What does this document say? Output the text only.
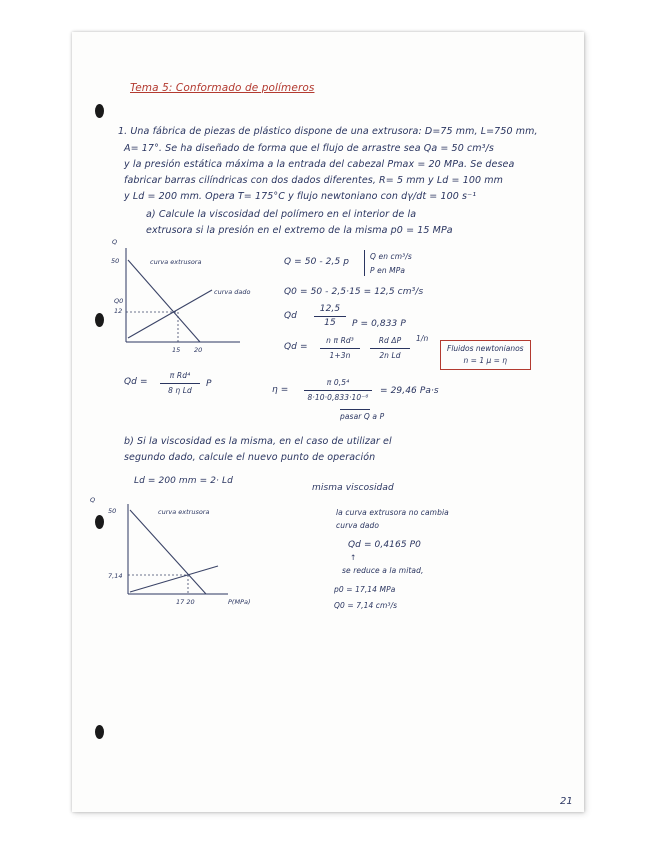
Tema 5: Conformado de polímeros
1. Una fábrica de piezas de plástico dispone de una extrusora: D=75 mm, L=750 mm,
A= 17°. Se ha diseñado de forma que el flujo de arrastre sea Qa = 50 cm³/s
y la presión estática máxima a la entrada del cabezal Pmax = 20 MPa. Se desea
fabricar barras cilíndricas con dos dados diferentes, R= 5 mm y Ld = 100 mm
y Ld = 200 mm. Opera T= 175°C y flujo newtoniano con dγ/dt = 100 s⁻¹
a) Calcule la viscosidad del polímero en el interior de la
extrusora si la presión en el extremo de la misma p0 = 15 MPa
Q
50
Q0
12
15 20
curva extrusora
curva dado
Q = 50 - 2,5 p
Q en cm³/s
P en MPa
Q0 = 50 - 2,5·15 = 12,5 cm³/s
Qd
12,5
15	P = 0,833 P
Qd =
n π Rd³
1+3n
Rd ΔP
2n Ld
1/n
Fluidos newtonianos
n = 1 μ = η
Qd =
π Rd⁴
8 η Ld
P
η =
π 0,5⁴
8·10·0,833·10⁻⁶
= 29,46 Pa·s
pasar Q a P
b) Si la viscosidad es la misma, en el caso de utilizar el
segundo dado, calcule el nuevo punto de operación
Ld = 200 mm = 2· Ld
misma viscosidad
Q
50
7,14
17 20	P(MPa)
curva extrusora	la curva extrusora no cambia
curva dado
Qd = 0,4165 P0
↑
se reduce a la mitad,
p0 = 17,14 MPa
Q0 = 7,14 cm³/s
21
